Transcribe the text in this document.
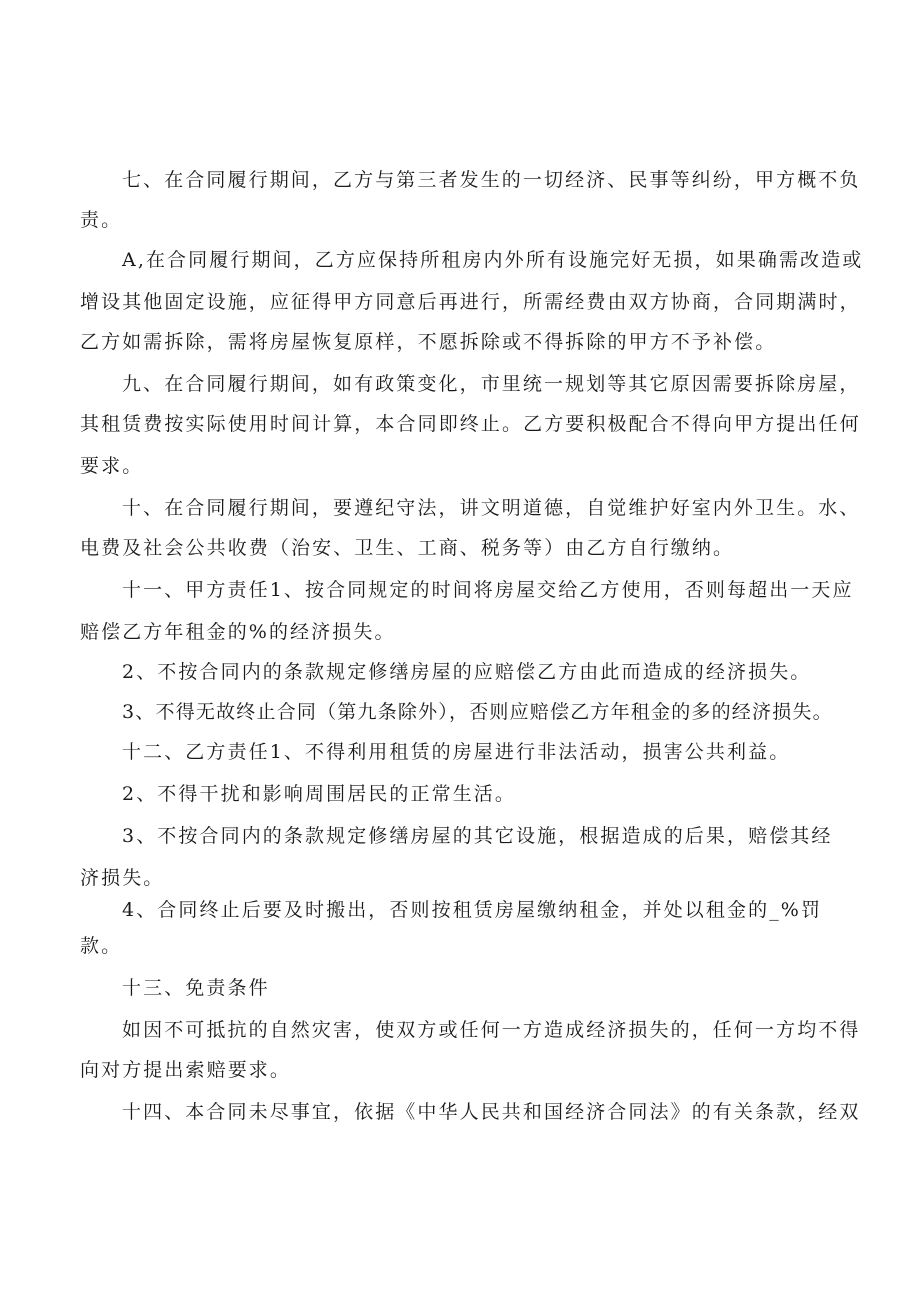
七、在合同履行期间，乙方与第三者发生的一切经济、民事等纠纷，甲方概不负
责。
A,在合同履行期间，乙方应保持所租房内外所有设施完好无损，如果确需改造或
增设其他固定设施，应征得甲方同意后再进行，所需经费由双方协商，合同期满时，
乙方如需拆除，需将房屋恢复原样，不愿拆除或不得拆除的甲方不予补偿。
九、在合同履行期间，如有政策变化，市里统一规划等其它原因需要拆除房屋，
其租赁费按实际使用时间计算，本合同即终止。乙方要积极配合不得向甲方提出任何
要求。
十、在合同履行期间，要遵纪守法，讲文明道德，自觉维护好室内外卫生。水、
电费及社会公共收费（治安、卫生、工商、税务等）由乙方自行缴纳。
十一、甲方责任1、按合同规定的时间将房屋交给乙方使用，否则每超出一天应
赔偿乙方年租金的%的经济损失。
2、不按合同内的条款规定修缮房屋的应赔偿乙方由此而造成的经济损失。
3、不得无故终止合同（第九条除外），否则应赔偿乙方年租金的多的经济损失。
十二、乙方责任1、不得利用租赁的房屋进行非法活动，损害公共利益。
2、不得干扰和影响周围居民的正常生活。
3、不按合同内的条款规定修缮房屋的其它设施，根据造成的后果，赔偿其经
济损失。
4、合同终止后要及时搬出，否则按租赁房屋缴纳租金，并处以租金的_%罚
款。
十三、免责条件
如因不可抵抗的自然灾害，使双方或任何一方造成经济损失的，任何一方均不得
向对方提出索赔要求。
十四、本合同未尽事宜，依据《中华人民共和国经济合同法》的有关条款，经双
